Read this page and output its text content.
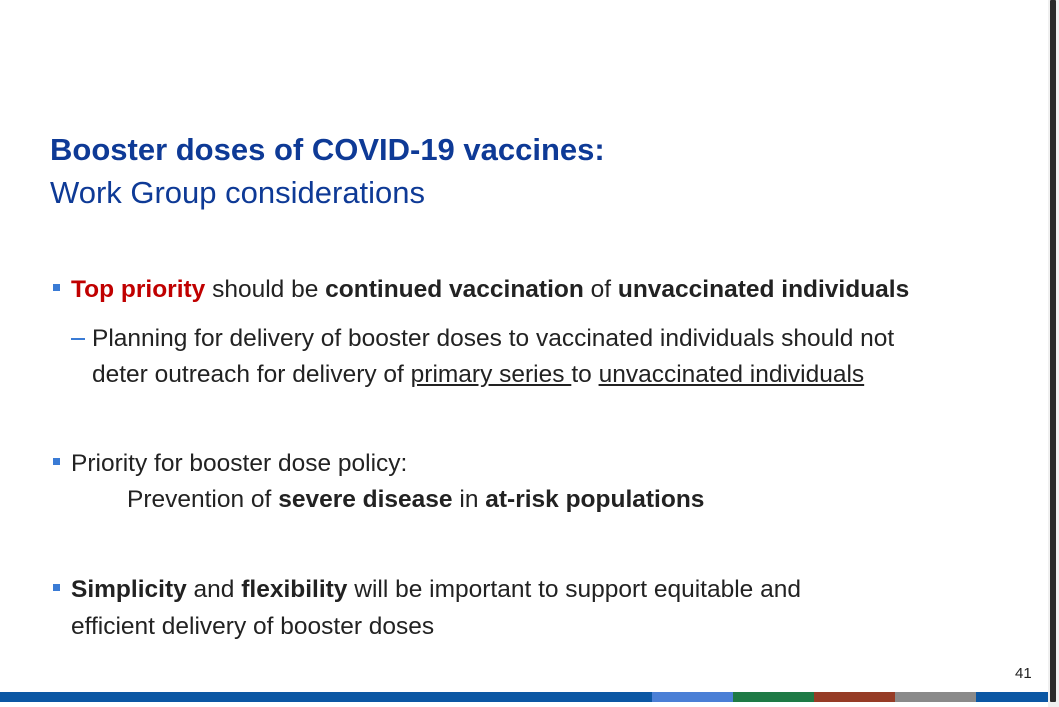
Booster doses of COVID-19 vaccines:
Work Group considerations
Top priority should be continued vaccination of unvaccinated individuals
Planning for delivery of booster doses to vaccinated individuals should not
deter outreach for delivery of primary series to unvaccinated individuals
Priority for booster dose policy:
Prevention of severe disease in at-risk populations
Simplicity and flexibility will be important to support equitable and
efficient delivery of booster doses
41
